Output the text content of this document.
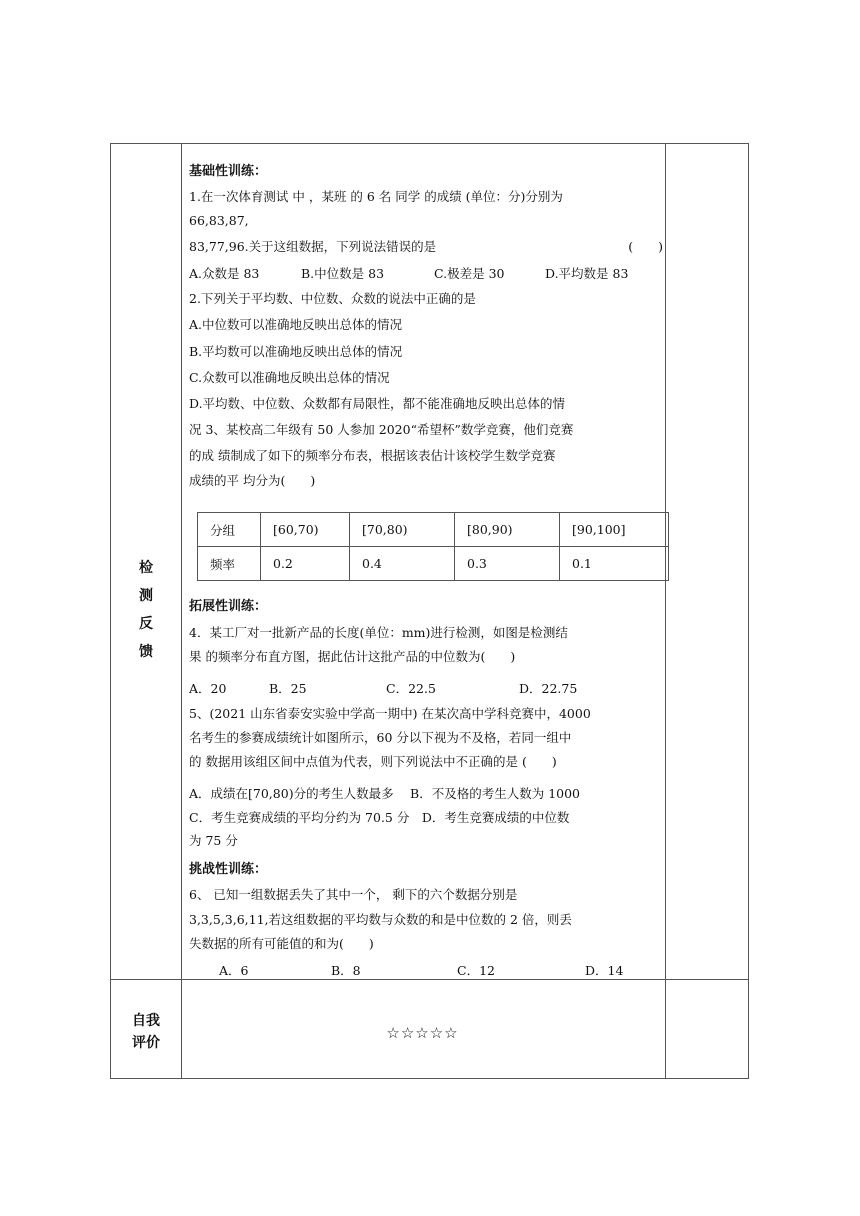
检
测
反
馈
自我
评价
基础性训练：
1.在一次体育测试 中 ，某班 的 6 名 同学 的成绩 (单位：分)分别为
66,83,87,
83,77,96.关于这组数据，下列说法错误的是	(　　)
A.众数是 83	B.中位数是 83	C.极差是 30	D.平均数是 83
2.下列关于平均数、中位数、众数的说法中正确的是
A.中位数可以准确地反映出总体的情况
B.平均数可以准确地反映出总体的情况
C.众数可以准确地反映出总体的情况
D.平均数、中位数、众数都有局限性，都不能准确地反映出总体的情
况 3、某校高二年级有 50 人参加 2020“希望杯”数学竞赛，他们竞赛
的成 绩制成了如下的频率分布表，根据该表估计该校学生数学竞赛
成绩的平 均分为(　　)
分组	[60,70)	[70,80)	[80,90)	[90,100]
频率	0.2	0.4	0.3	0.1
拓展性训练：
4．某工厂对一批新产品的长度(单位：mm)进行检测，如图是检测结
果 的频率分布直方图，据此估计这批产品的中位数为(　　)
A．20	B．25	C．22.5	D．22.75
5、(2021 山东省泰安实验中学高一期中) 在某次高中学科竞赛中，4000
名考生的参赛成绩统计如图所示，60 分以下视为不及格，若同一组中
的 数据用该组区间中点值为代表，则下列说法中不正确的是 (　　)
A．成绩在[70,80)分的考生人数最多　 B．不及格的考生人数为 1000
C．考生竞赛成绩的平均分约为 70.5 分　D．考生竞赛成绩的中位数
为 75 分
挑战性训练：
6、 已知一组数据丢失了其中一个， 剩下的六个数据分别是
3,3,5,3,6,11,若这组数据的平均数与众数的和是中位数的 2 倍，则丢
失数据的所有可能值的和为(　　)
A．6	B．8	C．12	D．14
☆☆☆☆☆
